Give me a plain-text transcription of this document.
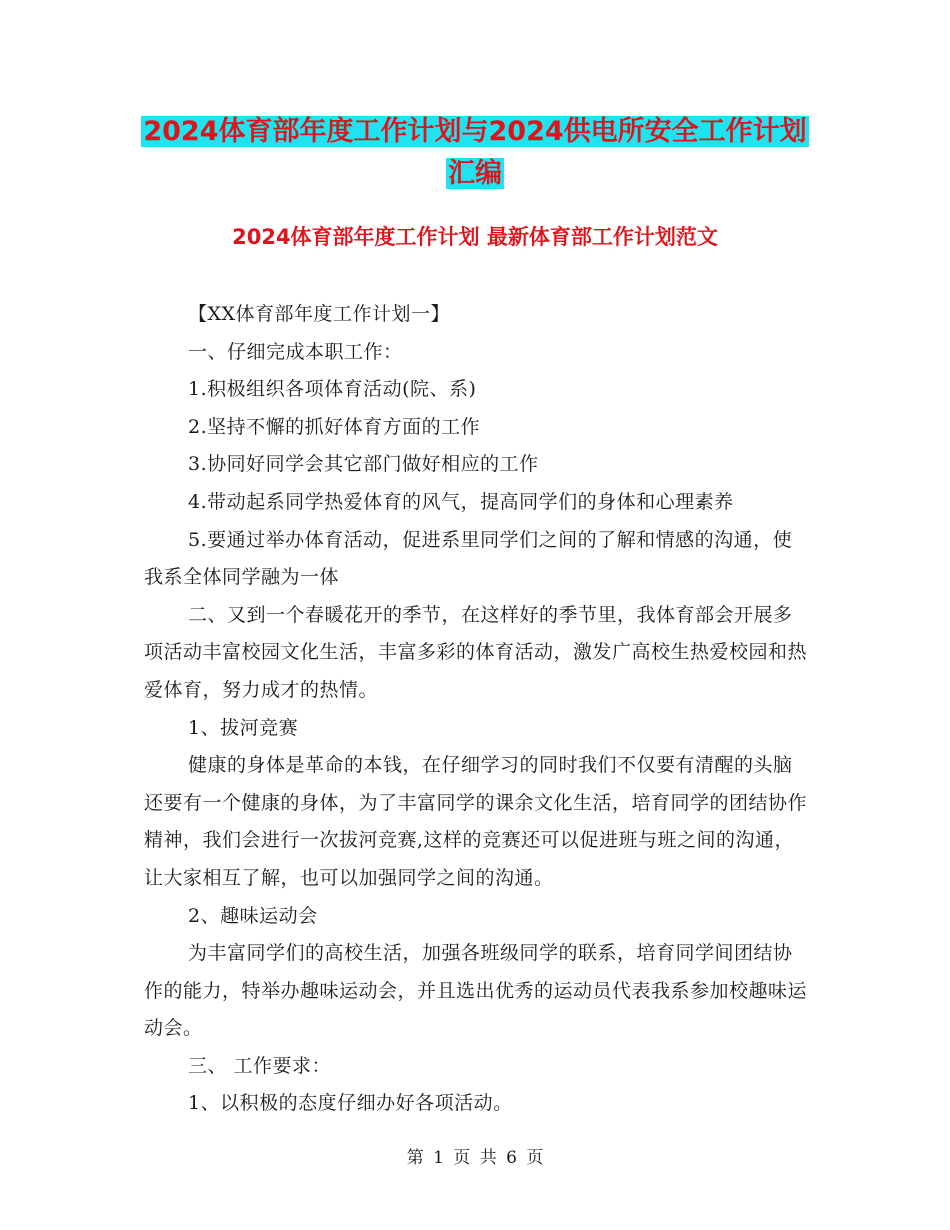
2024体育部年度工作计划与2024供电所安全工作计划
汇编
2024体育部年度工作计划 最新体育部工作计划范文

【XX体育部年度工作计划一】

一、仔细完成本职工作：

1.积极组织各项体育活动(院、系)

2.坚持不懈的抓好体育方面的工作

3.协同好同学会其它部门做好相应的工作

4.带动起系同学热爱体育的风气，提高同学们的身体和心理素养

5.要通过举办体育活动，促进系里同学们之间的了解和情感的沟通，使我系全体同学融为一体

二、又到一个春暖花开的季节，在这样好的季节里，我体育部会开展多项活动丰富校园文化生活，丰富多彩的体育活动，激发广高校生热爱校园和热爱体育，努力成才的热情。

1、拔河竞赛

健康的身体是革命的本钱，在仔细学习的同时我们不仅要有清醒的头脑还要有一个健康的身体，为了丰富同学的课余文化生活，培育同学的团结协作精神，我们会进行一次拔河竞赛,这样的竞赛还可以促进班与班之间的沟通，让大家相互了解，也可以加强同学之间的沟通。

2、趣味运动会

为丰富同学们的高校生活，加强各班级同学的联系，培育同学间团结协作的能力，特举办趣味运动会，并且选出优秀的运动员代表我系参加校趣味运动会。

三、 工作要求：

1、以积极的态度仔细办好各项活动。

第 1 页 共 6 页
